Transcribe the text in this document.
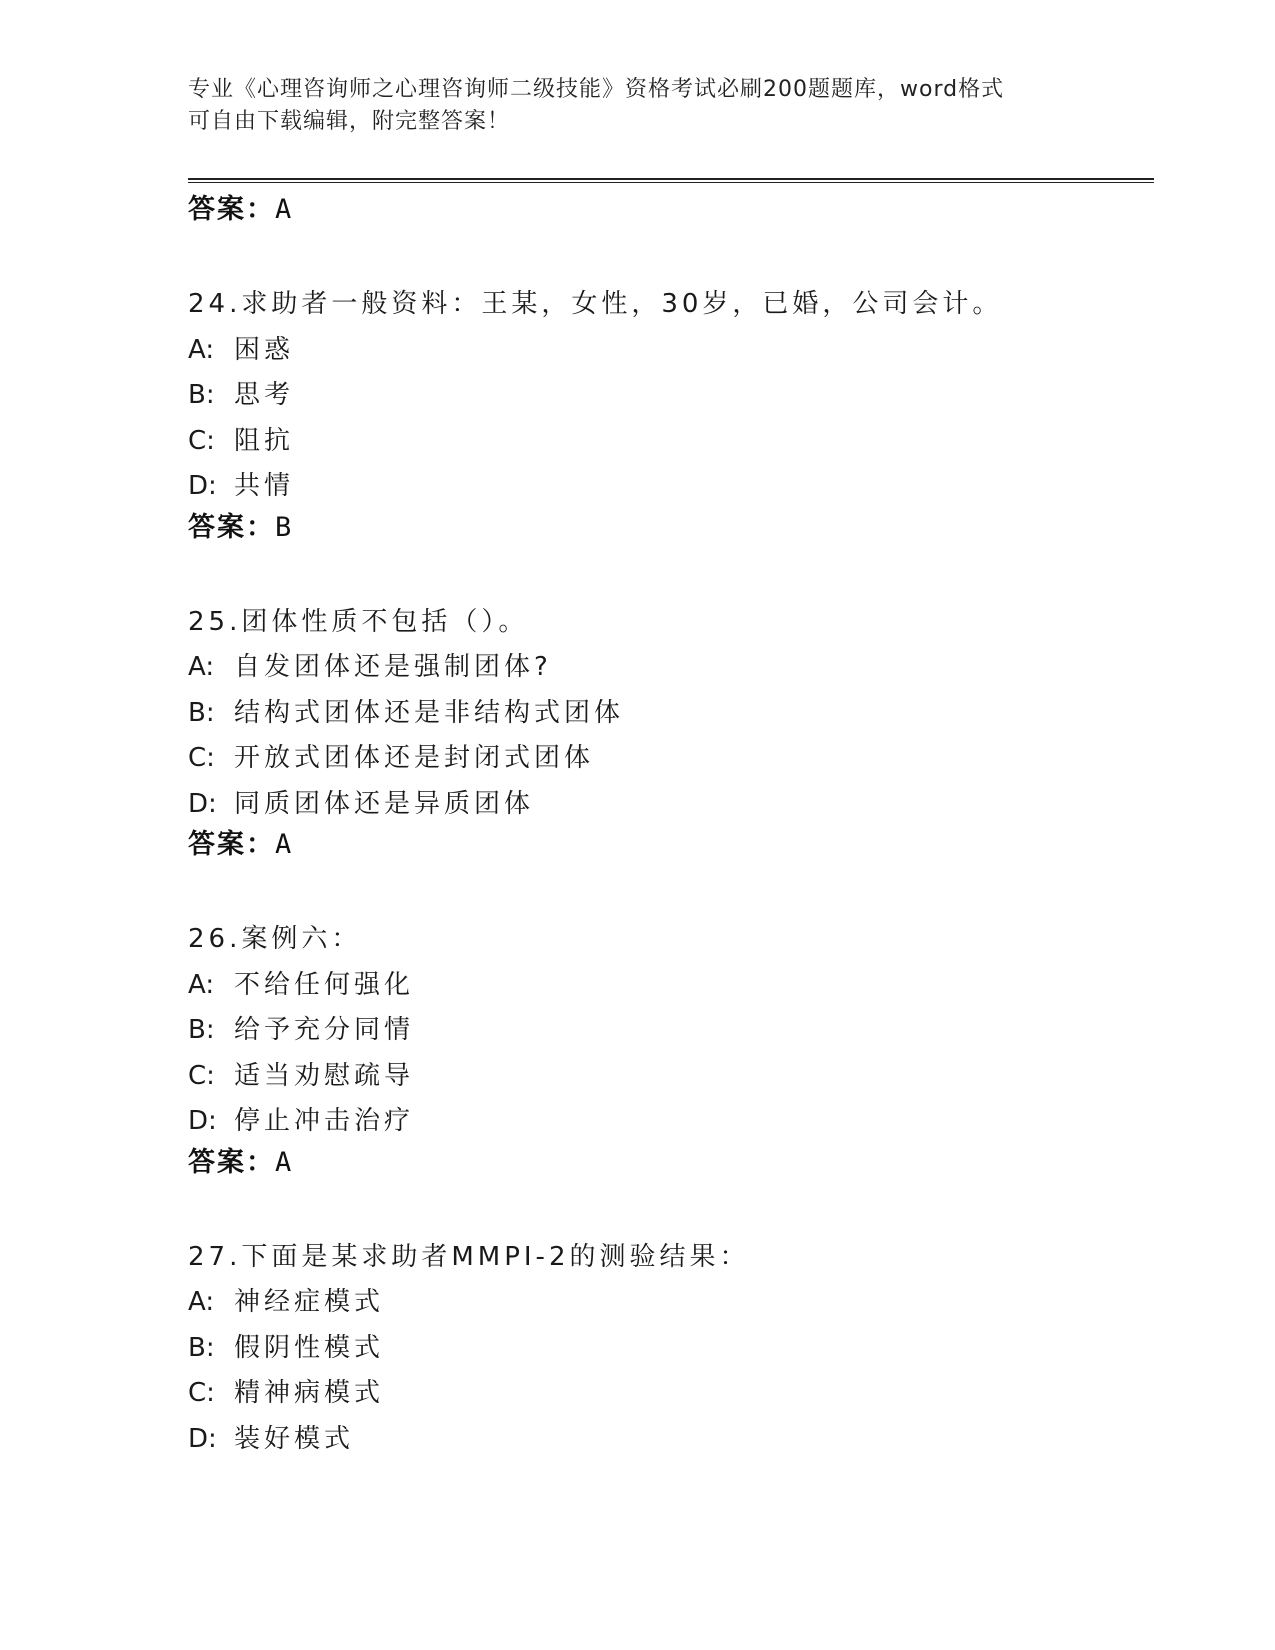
专业《心理咨询师之心理咨询师二级技能》资格考试必刷200题题库，word格式
可自由下载编辑，附完整答案！
答案：A
24.求助者一般资料：王某，女性，30岁，已婚，公司会计。
A: 困惑
B: 思考
C: 阻抗
D: 共情
答案：B
25.团体性质不包括（）。
A: 自发团体还是强制团体?
B: 结构式团体还是非结构式团体
C: 开放式团体还是封闭式团体
D: 同质团体还是异质团体
答案：A
26.案例六：
A: 不给任何强化
B: 给予充分同情
C: 适当劝慰疏导
D: 停止冲击治疗
答案：A
27.下面是某求助者MMPI-2的测验结果：
A: 神经症模式
B: 假阴性模式
C: 精神病模式
D: 装好模式
